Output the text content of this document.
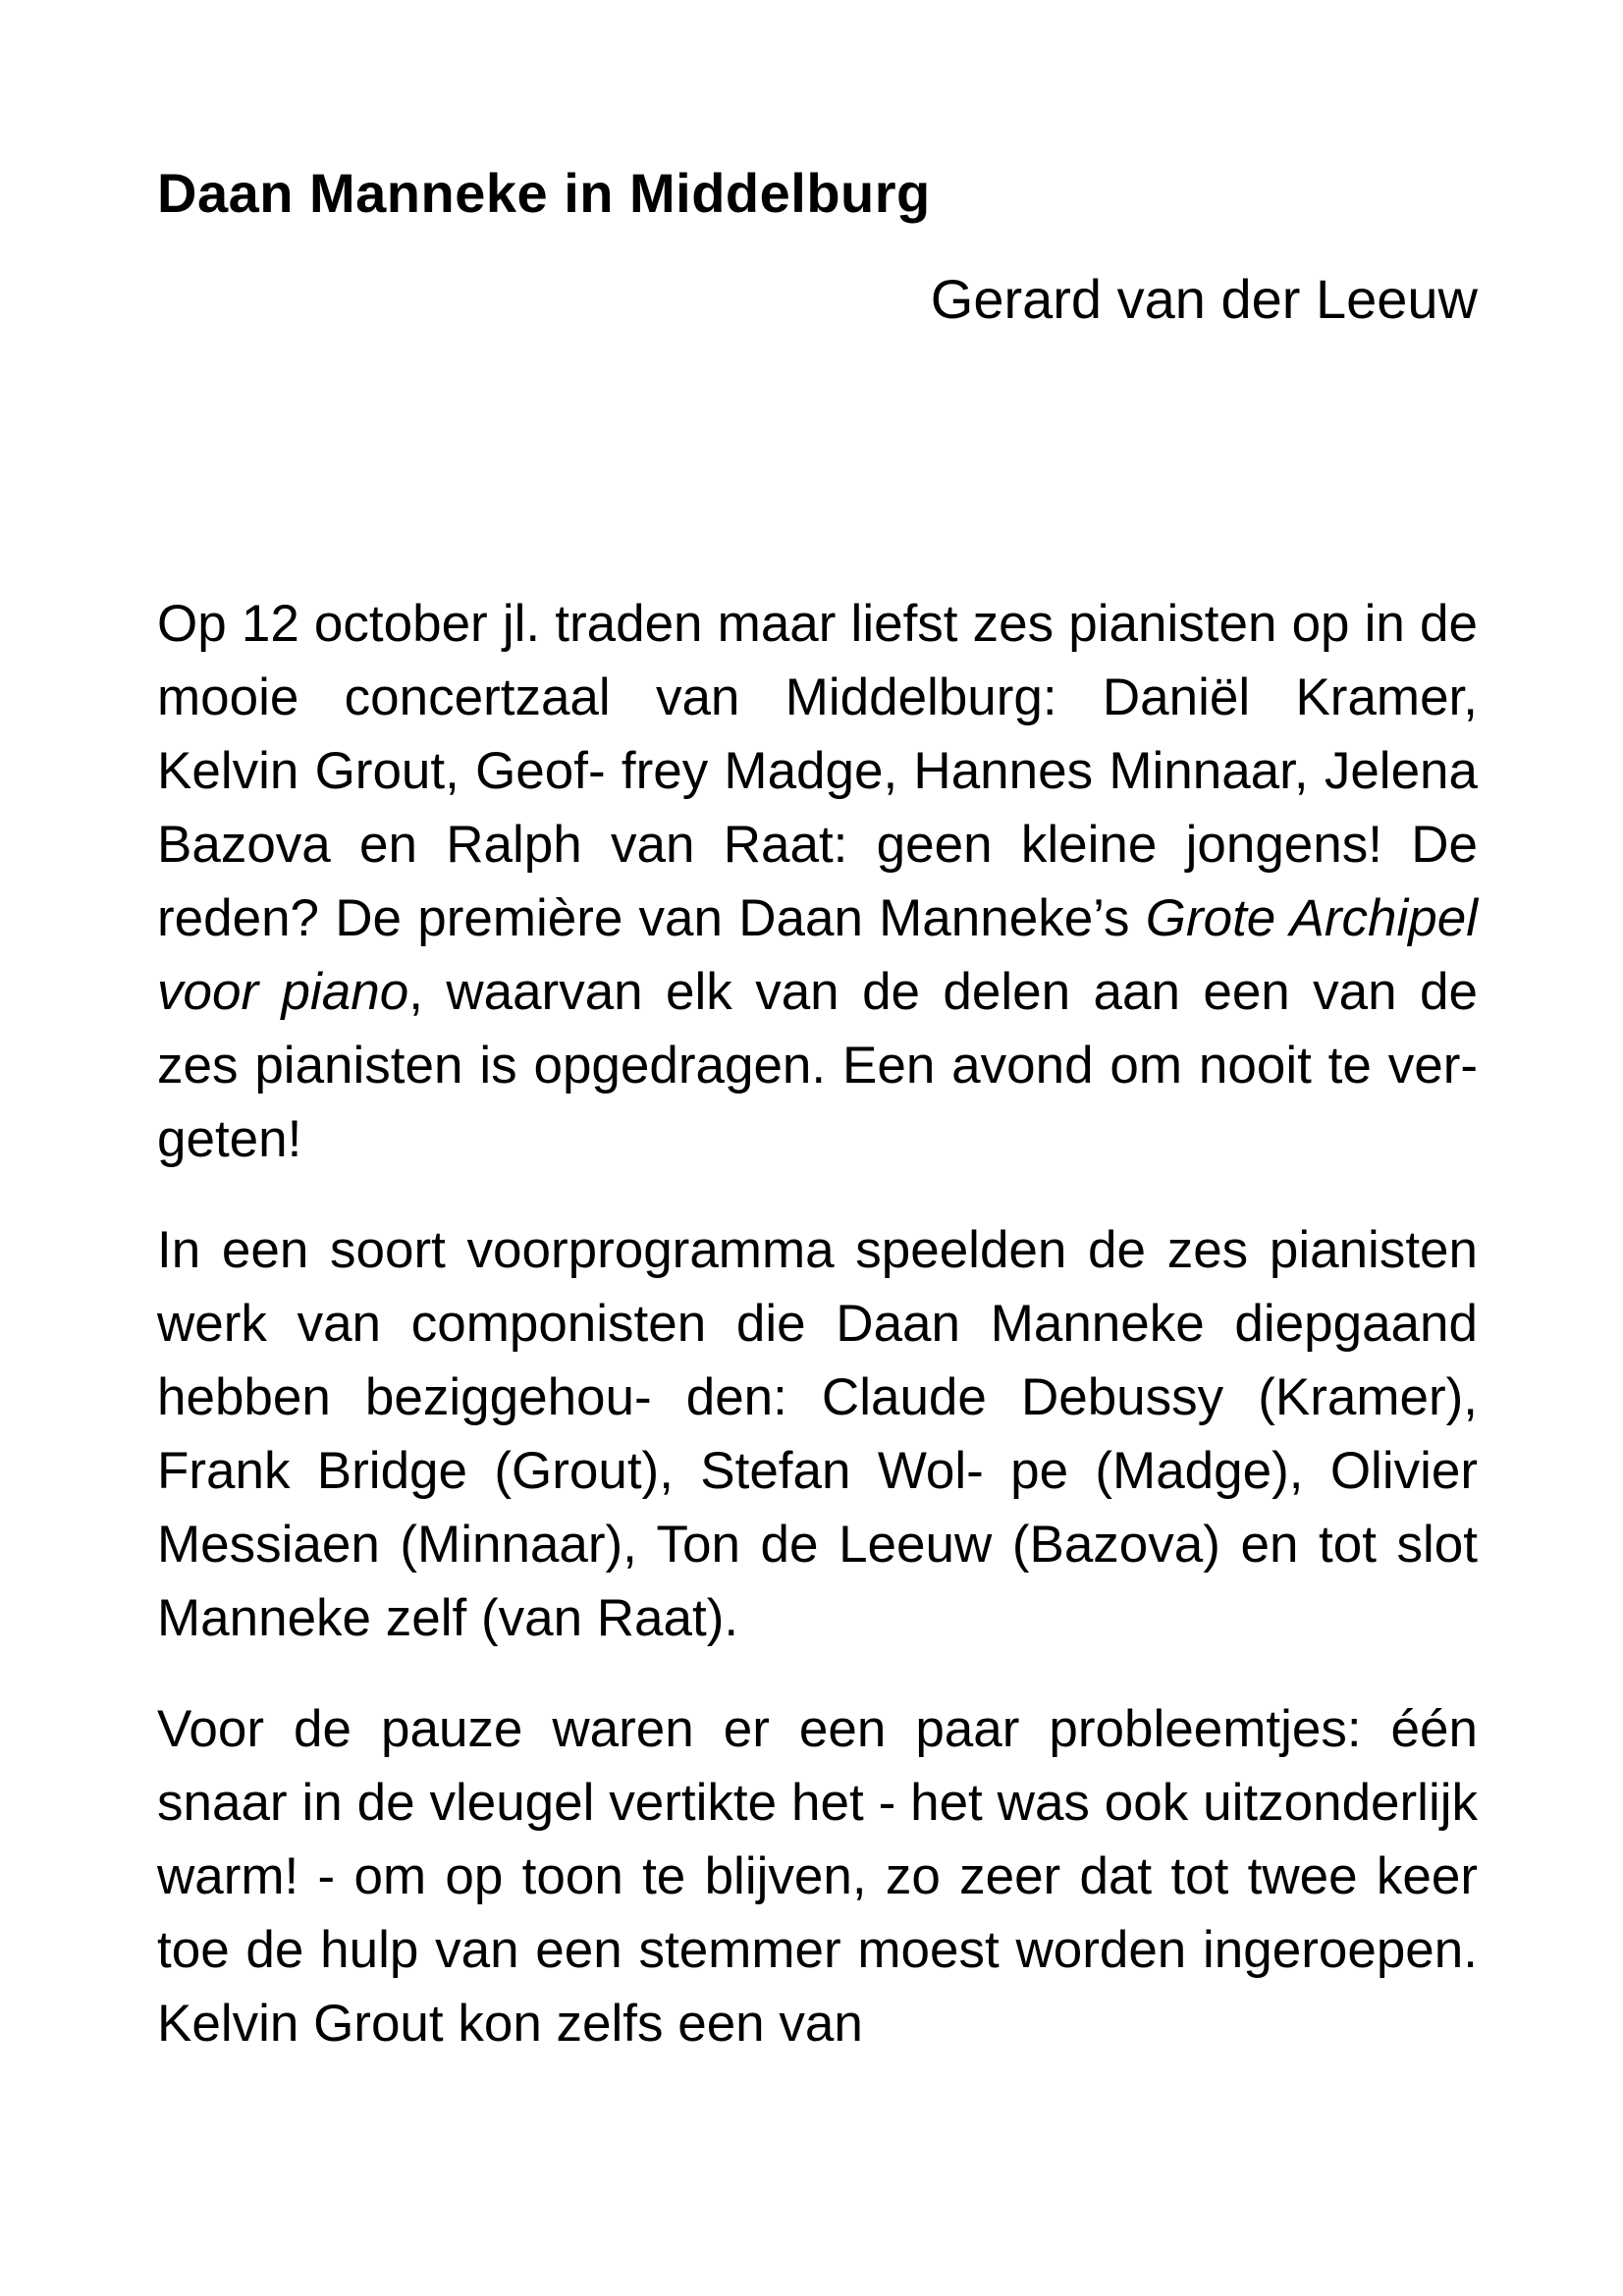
Daan Manneke in Middelburg

Gerard van der Leeuw

Op 12 october jl. traden maar liefst zes pianisten op in de mooie concertzaal van Middelburg: Daniël Kramer, Kelvin Grout, Geof- frey Madge, Hannes Minnaar, Jelena Bazova en Ralph van Raat: geen kleine jongens! De reden? De première van Daan Manneke’s Grote Archipel voor piano, waarvan elk van de delen aan een van de zes pianisten is opgedragen. Een avond om nooit te ver- geten!

In een soort voorprogramma speelden de zes pianisten werk van componisten die Daan Manneke diepgaand hebben beziggehou- den: Claude Debussy (Kramer), Frank Bridge (Grout), Stefan Wol- pe (Madge), Olivier Messiaen (Minnaar), Ton de Leeuw (Bazova) en tot slot Manneke zelf (van Raat).

Voor de pauze waren er een paar probleemtjes: één snaar in de vleugel vertikte het - het was ook uitzonderlijk warm! - om op toon te blijven, zo zeer dat tot twee keer toe de hulp van een stemmer moest worden ingeroepen. Kelvin Grout kon zelfs een van
